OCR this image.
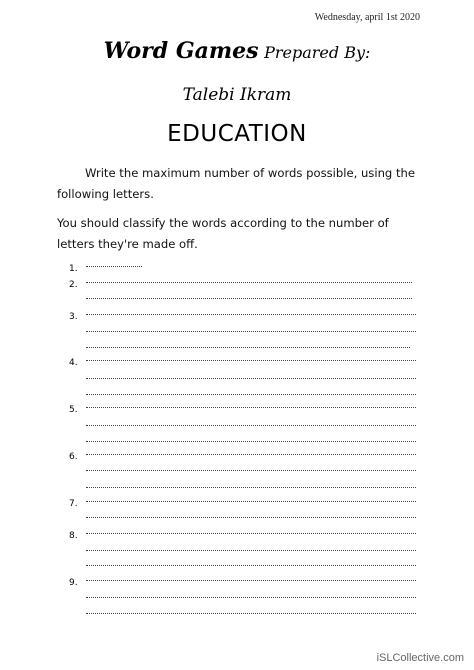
Wednesday, april 1st 2020
Word Games Prepared By:
Talebi Ikram
EDUCATION
Write the maximum number of words possible, using the following letters.
You should classify the words according to the number of letters they're made off.
1.
2.
3.
4.
5.
6.
7.
8.
9.
iSLCollective.com
